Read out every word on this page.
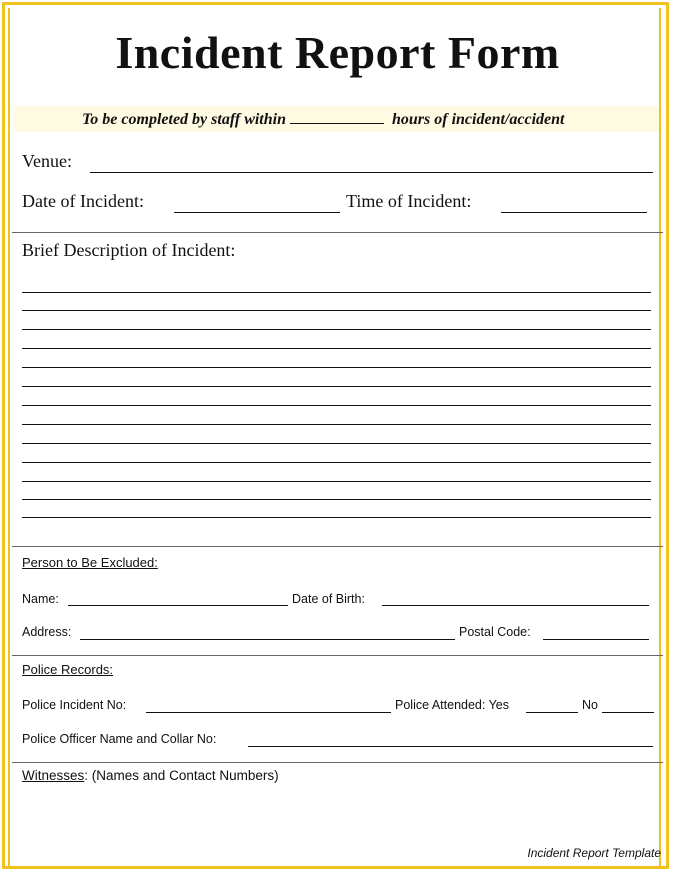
Incident Report Form
To be completed by staff within	hours of incident/accident
Venue:
Date of Incident:	Time of Incident:
Brief Description of Incident:
Person to Be Excluded:
Name:	Date of Birth:
Address:	Postal Code:
Police Records:
Police Incident No:	Police Attended: Yes	No
Police Officer Name and Collar No:
Witnesses: (Names and Contact Numbers)
Incident Report Template
